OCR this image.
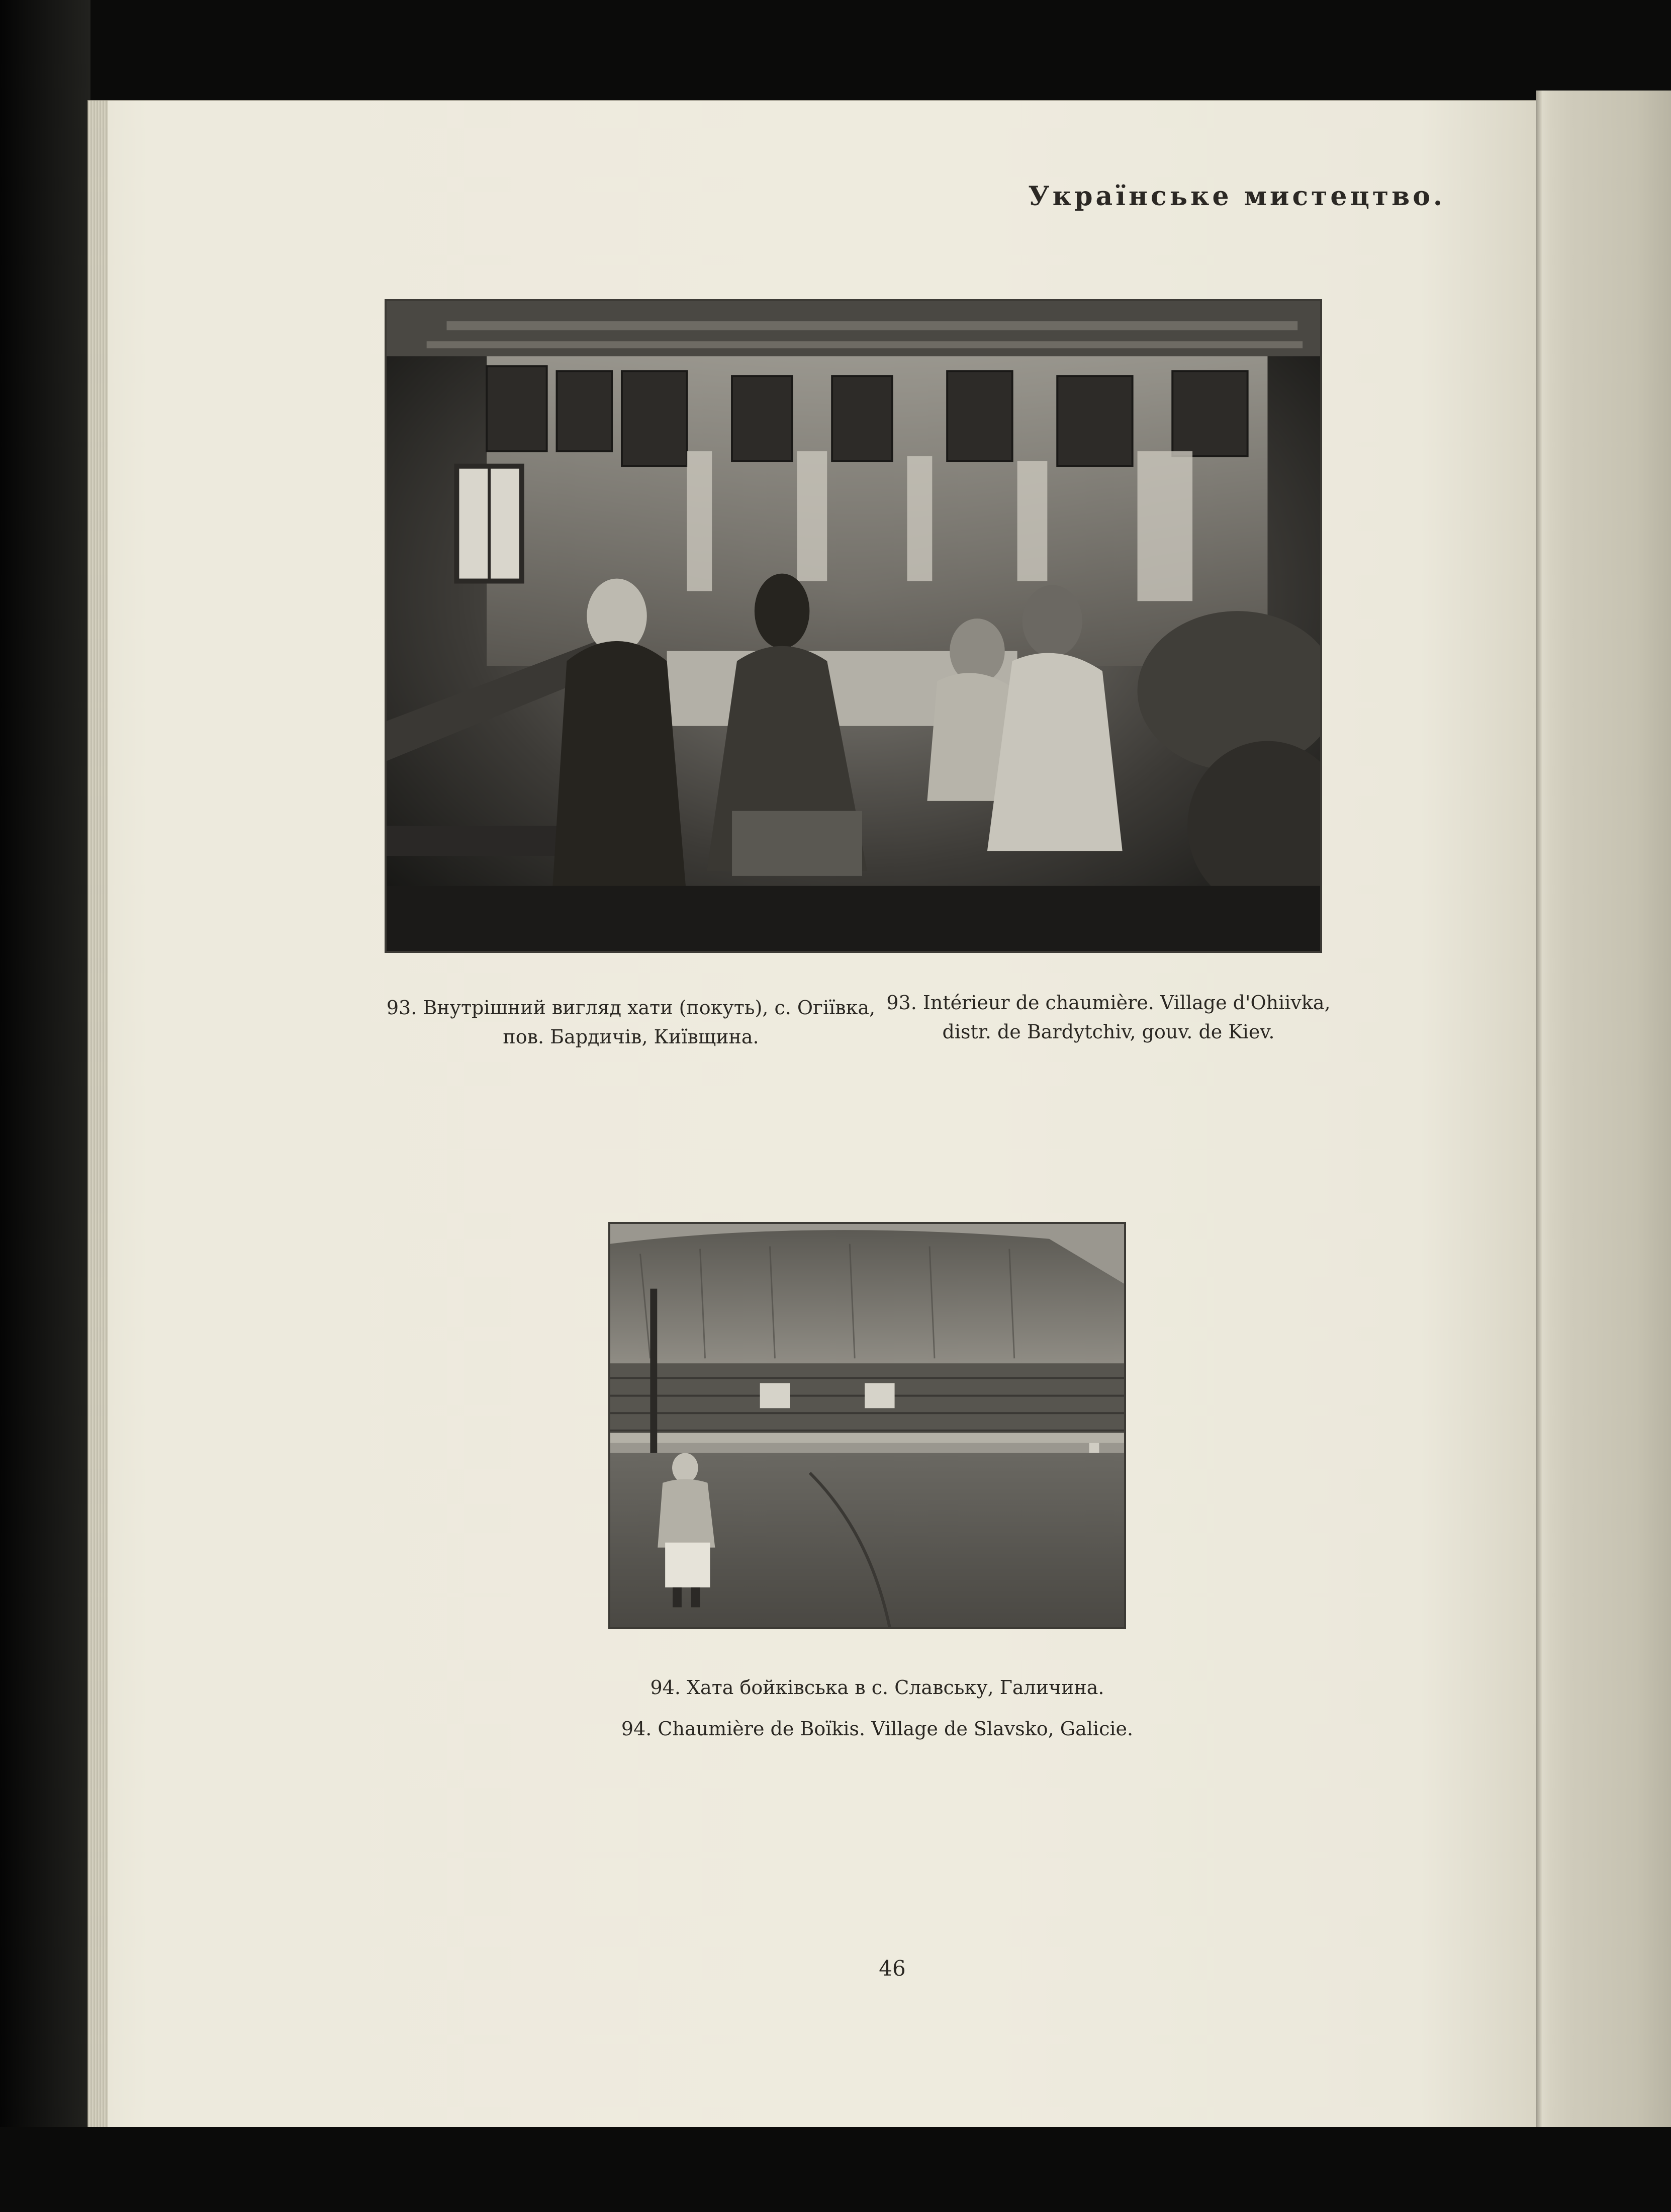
Українське мистецтво.
93. Внутрішний вигляд хати (покуть), с. Огіївка,
пов. Бардичів, Київщина.
93. Intérieur de chaumière. Village d'Ohiivka,
distr. de Bardytchiv, gouv. de Kiev.
94. Хата бойківська в с. Славську, Галичина.
94. Chaumière de Boïkis. Village de Slavsko, Galicie.
46
